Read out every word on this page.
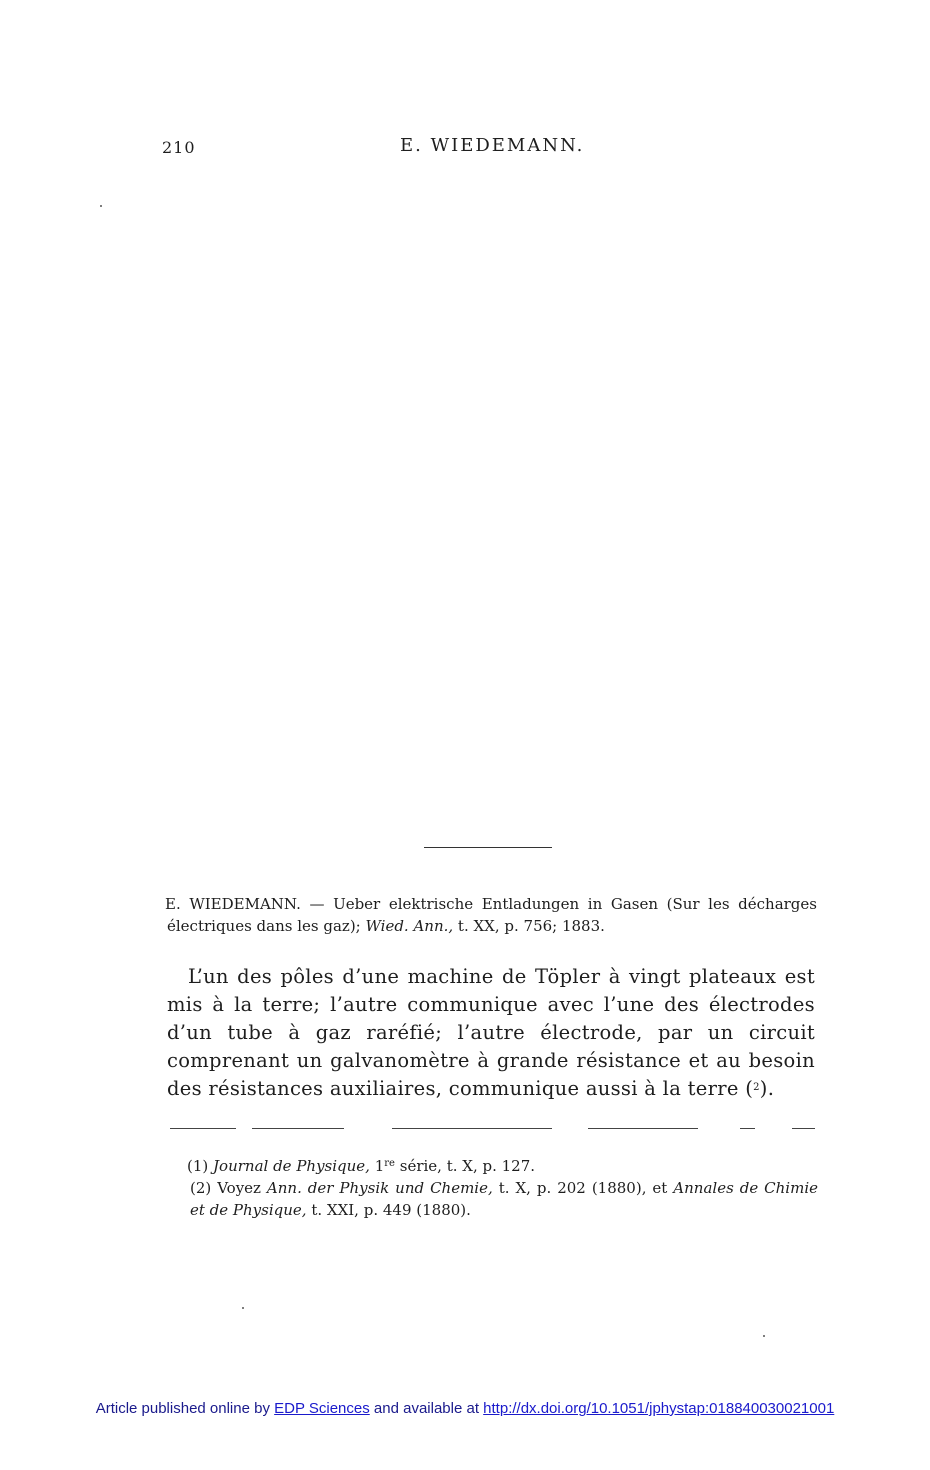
210	E. WIEDEMANN.
E. WIEDEMANN. — Ueber elektrische Entladungen in Gasen (Sur les décharges électriques dans les gaz); Wied. Ann., t. XX, p. 756; 1883.
L’un des pôles d’une machine de Töpler à vingt plateaux est mis à la terre; l’autre communique avec l’une des électrodes d’un tube à gaz raréfié; l’autre électrode, par un circuit comprenant un galvanomètre à grande résistance et au besoin des résistances auxiliaires, communique aussi à la terre ($^2$).
(1) Journal de Physique, 1re série, t. X, p. 127.
(2) Voyez Ann. der Physik und Chemie, t. X, p. 202 (1880), et Annales de Chimie et de Physique, t. XXI, p. 449 (1880).
Article published online by EDP Sciences and available at http://dx.doi.org/10.1051/jphystap:018840030021001
